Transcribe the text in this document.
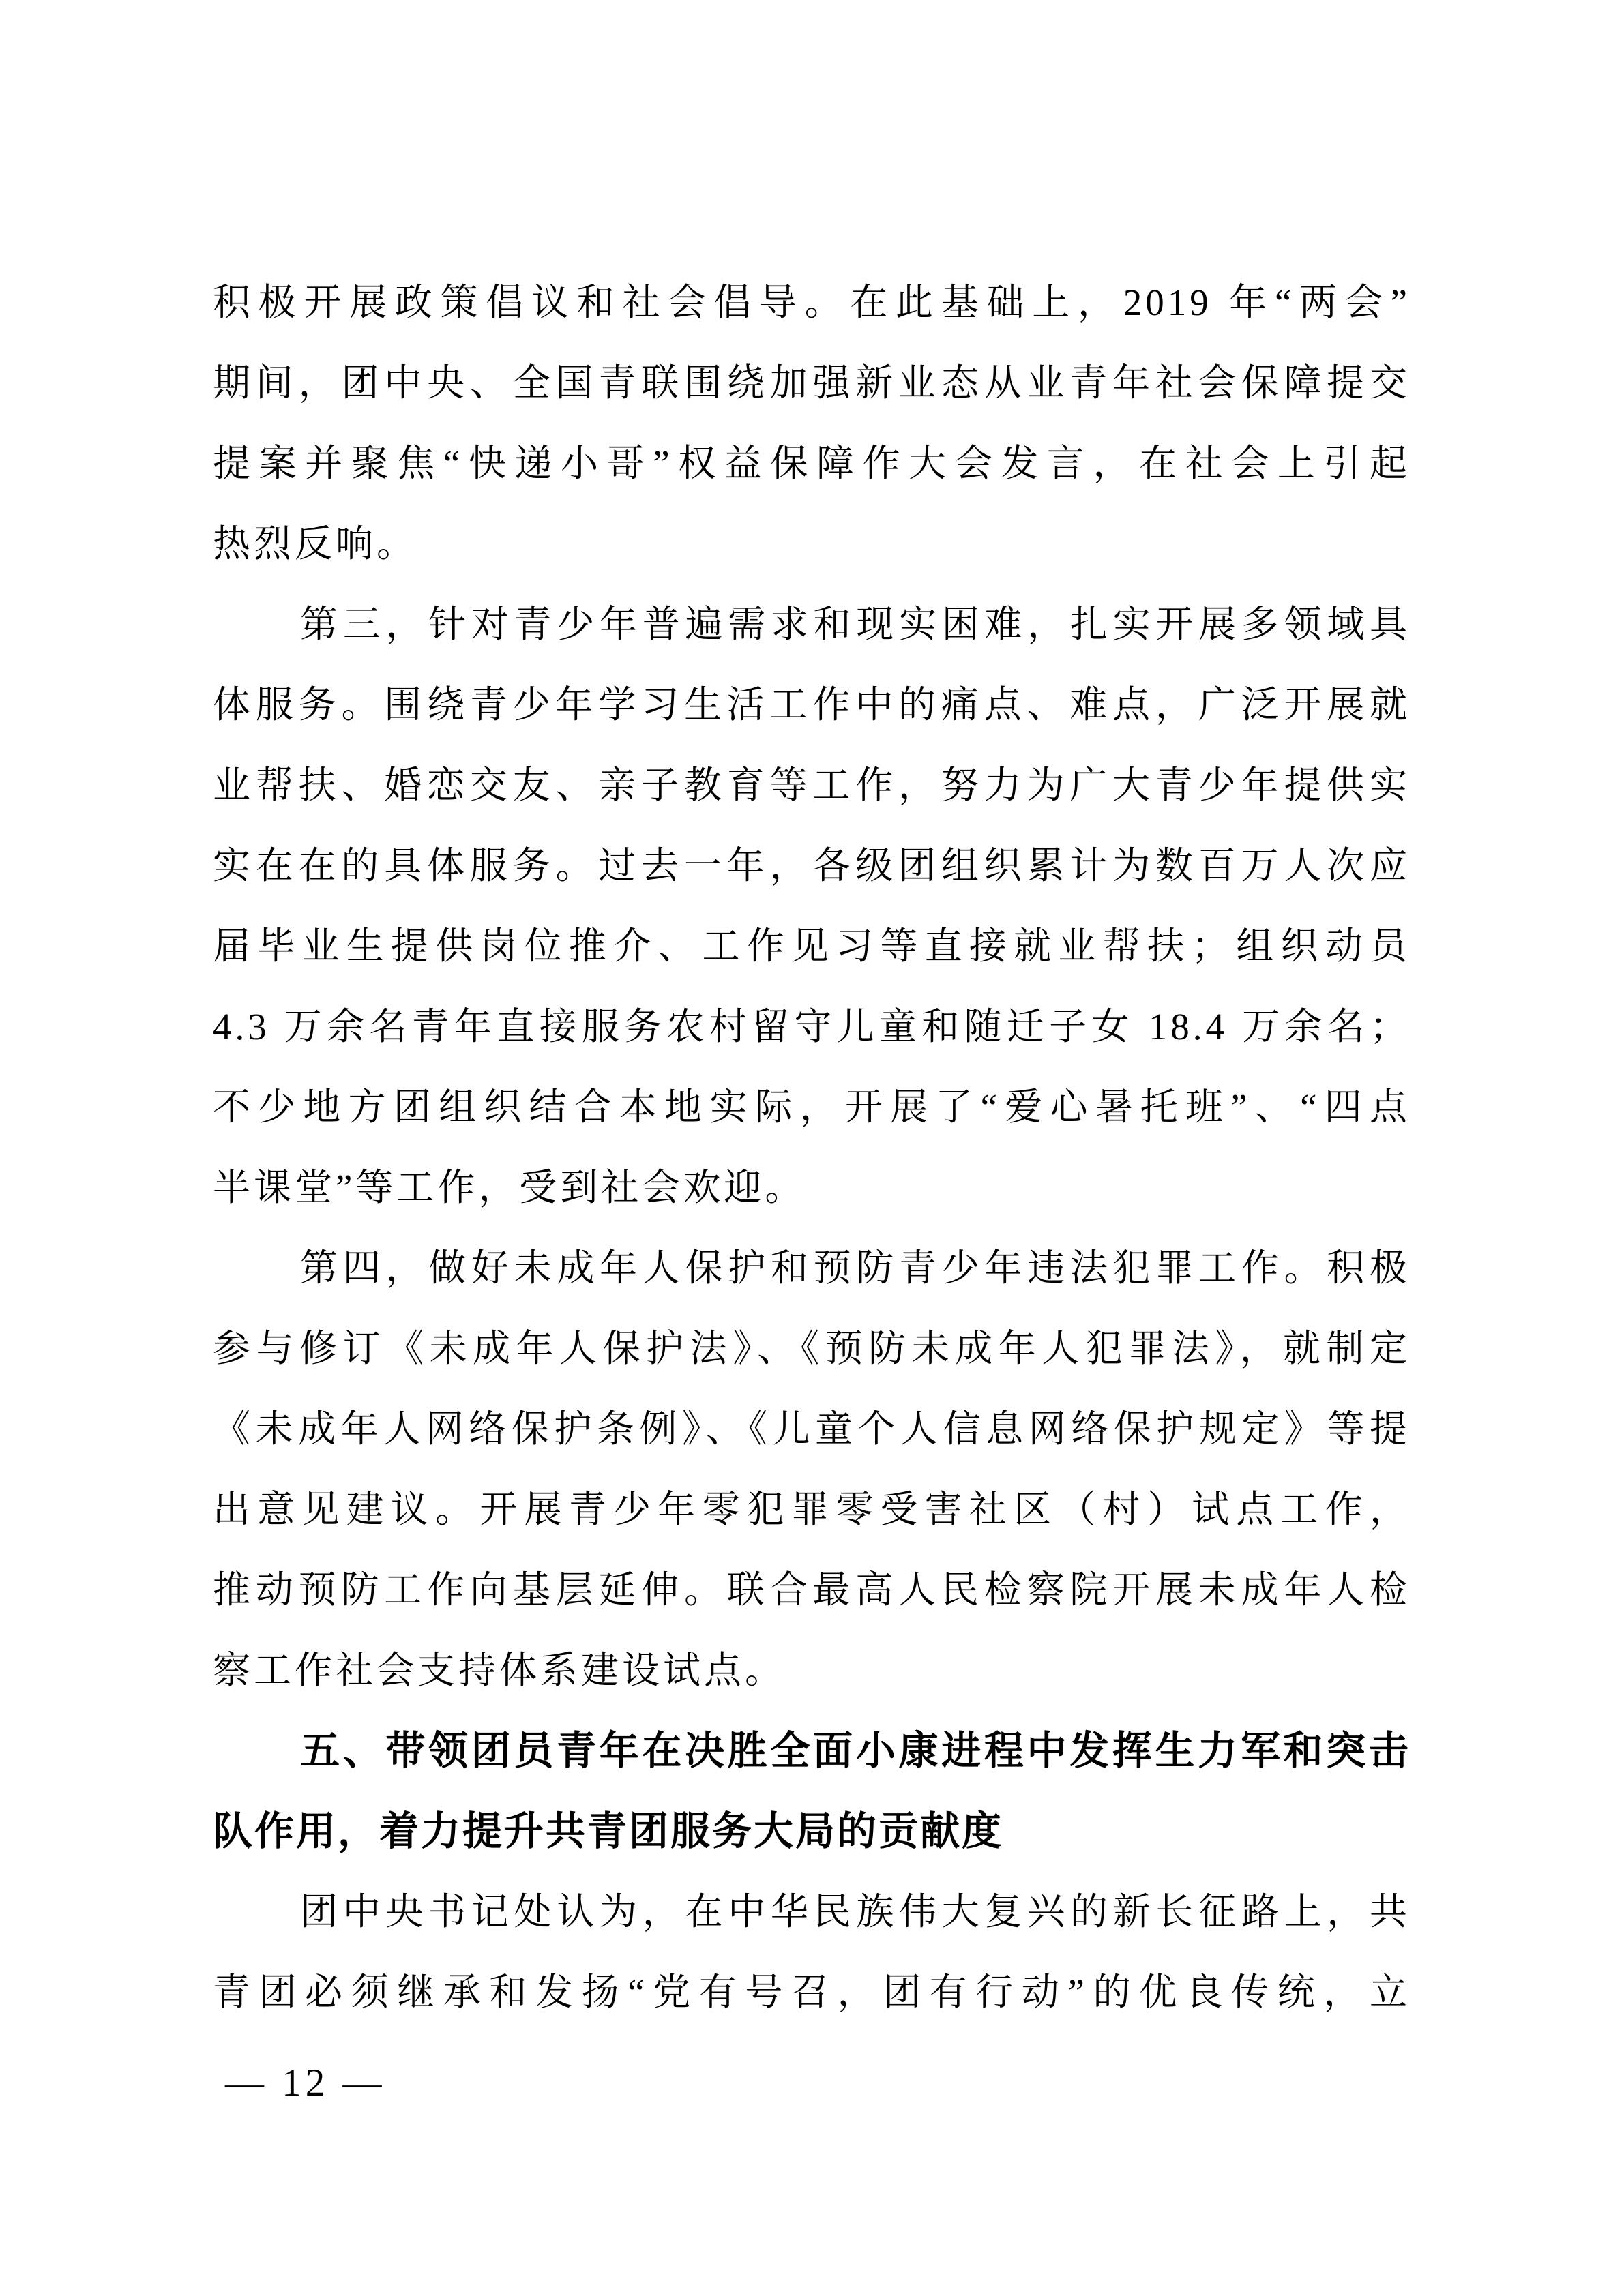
积极开展政策倡议和社会倡导。在此基础上，2019 年“两会”

期间，团中央、全国青联围绕加强新业态从业青年社会保障提交

提案并聚焦“快递小哥”权益保障作大会发言，在社会上引起

热烈反响。

第三，针对青少年普遍需求和现实困难，扎实开展多领域具

体服务。围绕青少年学习生活工作中的痛点、难点，广泛开展就

业帮扶、婚恋交友、亲子教育等工作，努力为广大青少年提供实

实在在的具体服务。过去一年，各级团组织累计为数百万人次应

届毕业生提供岗位推介、工作见习等直接就业帮扶；组织动员

4.3 万余名青年直接服务农村留守儿童和随迁子女 18.4 万余名；

不少地方团组织结合本地实际，开展了“爱心暑托班”、“四点

半课堂”等工作，受到社会欢迎。

第四，做好未成年人保护和预防青少年违法犯罪工作。积极

参与修订《未成年人保护法》、《预防未成年人犯罪法》，就制定

《未成年人网络保护条例》、《儿童个人信息网络保护规定》等提

出意见建议。开展青少年零犯罪零受害社区（村）试点工作，

推动预防工作向基层延伸。联合最高人民检察院开展未成年人检

察工作社会支持体系建设试点。

五、带领团员青年在决胜全面小康进程中发挥生力军和突击

队作用，着力提升共青团服务大局的贡献度

团中央书记处认为，在中华民族伟大复兴的新长征路上，共

青团必须继承和发扬“党有号召，团有行动”的优良传统，立

— 12 —
